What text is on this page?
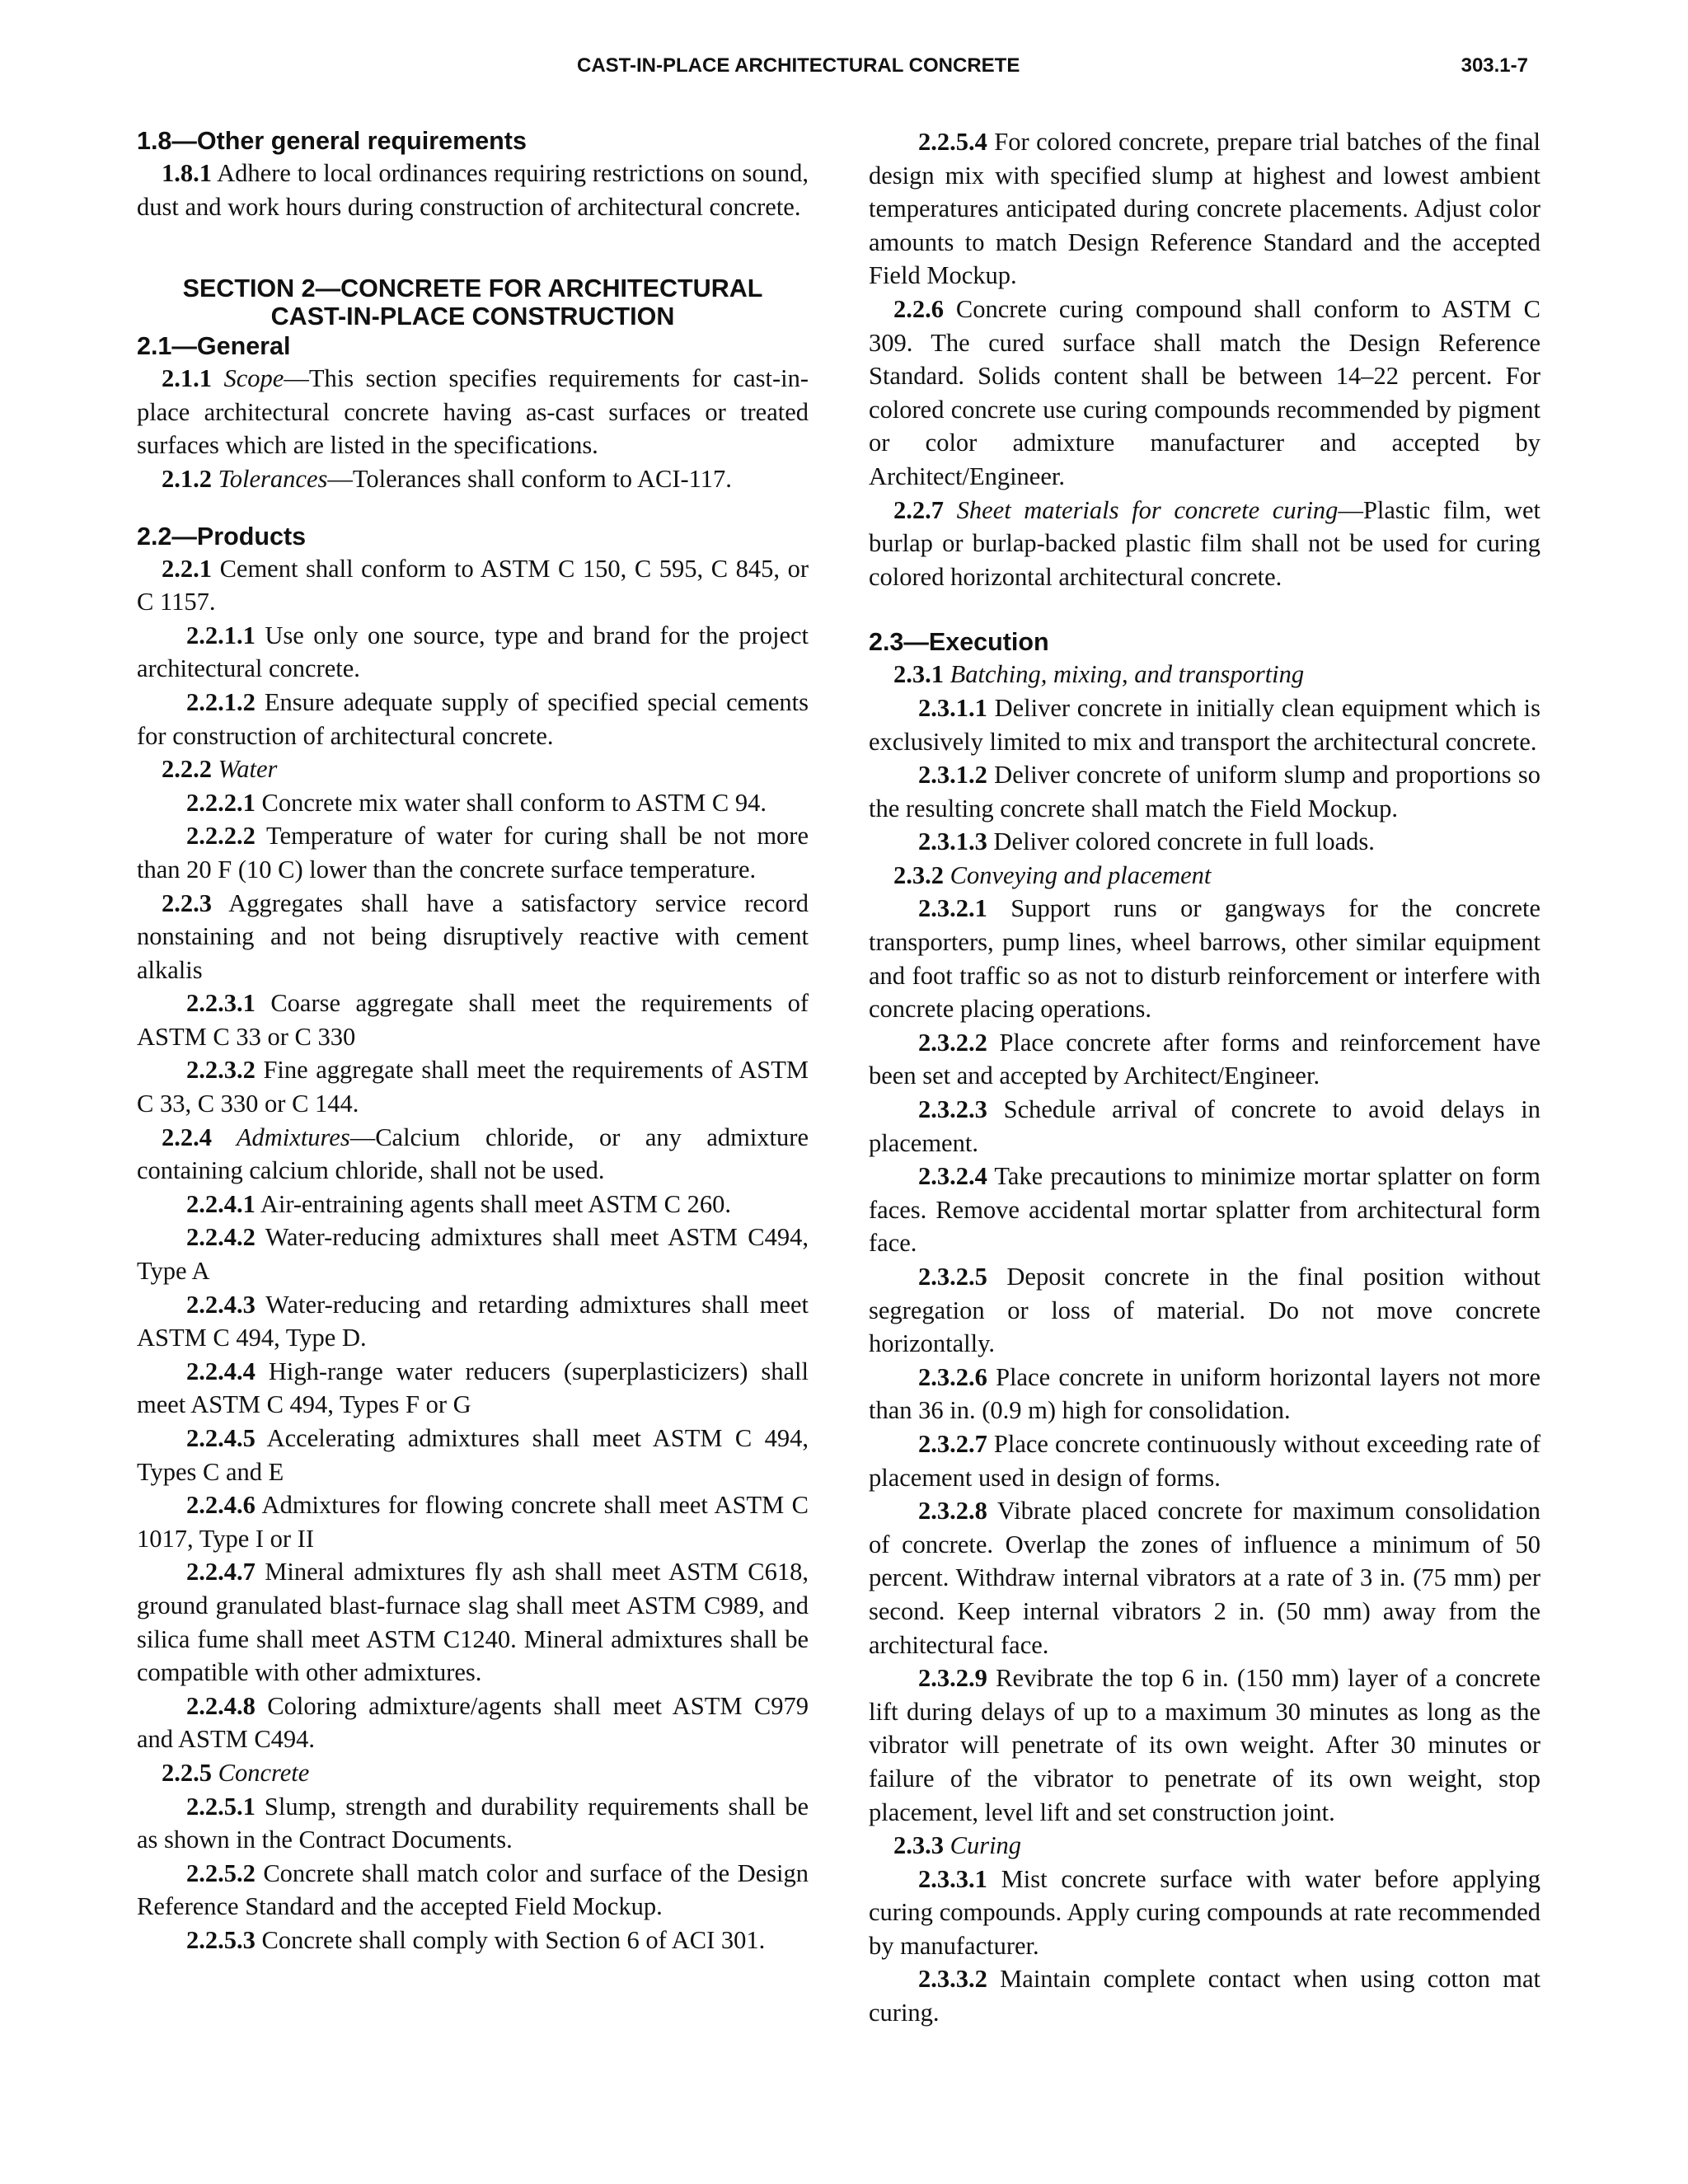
CAST-IN-PLACE ARCHITECTURAL CONCRETE	303.1-7
1.8—Other general requirements

1.8.1 Adhere to local ordinances requiring restrictions on sound, dust and work hours during construction of architectural concrete.

SECTION 2—CONCRETE FOR ARCHITECTURAL
CAST-IN-PLACE CONSTRUCTION
2.1—General

2.1.1 Scope—This section specifies requirements for cast-in-place architectural concrete having as-cast surfaces or treated surfaces which are listed in the specifications.

2.1.2 Tolerances—Tolerances shall conform to ACI-117.

2.2—Products

2.2.1 Cement shall conform to ASTM C 150, C 595, C 845, or C 1157.

2.2.1.1 Use only one source, type and brand for the project architectural concrete.

2.2.1.2 Ensure adequate supply of specified special cements for construction of architectural concrete.

2.2.2 Water

2.2.2.1 Concrete mix water shall conform to ASTM C 94.

2.2.2.2 Temperature of water for curing shall be not more than 20 F (10 C) lower than the concrete surface temperature.

2.2.3 Aggregates shall have a satisfactory service record nonstaining and not being disruptively reactive with cement alkalis

2.2.3.1 Coarse aggregate shall meet the requirements of ASTM C 33 or C 330

2.2.3.2 Fine aggregate shall meet the requirements of ASTM C 33, C 330 or C 144.

2.2.4 Admixtures—Calcium chloride, or any admixture containing calcium chloride, shall not be used.

2.2.4.1 Air-entraining agents shall meet ASTM C 260.

2.2.4.2 Water-reducing admixtures shall meet ASTM C494, Type A

2.2.4.3 Water-reducing and retarding admixtures shall meet ASTM C 494, Type D.

2.2.4.4 High-range water reducers (superplasticizers) shall meet ASTM C 494, Types F or G

2.2.4.5 Accelerating admixtures shall meet ASTM C 494, Types C and E

2.2.4.6 Admixtures for flowing concrete shall meet ASTM C 1017, Type I or II

2.2.4.7 Mineral admixtures fly ash shall meet ASTM C618, ground granulated blast-furnace slag shall meet ASTM C989, and silica fume shall meet ASTM C1240. Mineral admixtures shall be compatible with other admixtures.

2.2.4.8 Coloring admixture/agents shall meet ASTM C979 and ASTM C494.

2.2.5 Concrete

2.2.5.1 Slump, strength and durability requirements shall be as shown in the Contract Documents.

2.2.5.2 Concrete shall match color and surface of the Design Reference Standard and the accepted Field Mockup.

2.2.5.3 Concrete shall comply with Section 6 of ACI 301.

2.2.5.4 For colored concrete, prepare trial batches of the final design mix with specified slump at highest and lowest ambient temperatures anticipated during concrete placements. Adjust color amounts to match Design Reference Standard and the accepted Field Mockup.

2.2.6 Concrete curing compound shall conform to ASTM C 309. The cured surface shall match the Design Reference Standard. Solids content shall be between 14–22 percent. For colored concrete use curing compounds recommended by pigment or color admixture manufacturer and accepted by Architect/Engineer.

2.2.7 Sheet materials for concrete curing—Plastic film, wet burlap or burlap-backed plastic film shall not be used for curing colored horizontal architectural concrete.

2.3—Execution

2.3.1 Batching, mixing, and transporting

2.3.1.1 Deliver concrete in initially clean equipment which is exclusively limited to mix and transport the architectural concrete.

2.3.1.2 Deliver concrete of uniform slump and proportions so the resulting concrete shall match the Field Mockup.

2.3.1.3 Deliver colored concrete in full loads.

2.3.2 Conveying and placement

2.3.2.1 Support runs or gangways for the concrete transporters, pump lines, wheel barrows, other similar equipment and foot traffic so as not to disturb reinforcement or interfere with concrete placing operations.

2.3.2.2 Place concrete after forms and reinforcement have been set and accepted by Architect/Engineer.

2.3.2.3 Schedule arrival of concrete to avoid delays in placement.

2.3.2.4 Take precautions to minimize mortar splatter on form faces. Remove accidental mortar splatter from architectural form face.

2.3.2.5 Deposit concrete in the final position without segregation or loss of material. Do not move concrete horizontally.

2.3.2.6 Place concrete in uniform horizontal layers not more than 36 in. (0.9 m) high for consolidation.

2.3.2.7 Place concrete continuously without exceeding rate of placement used in design of forms.

2.3.2.8 Vibrate placed concrete for maximum consolidation of concrete. Overlap the zones of influence a minimum of 50 percent. Withdraw internal vibrators at a rate of 3 in. (75 mm) per second. Keep internal vibrators 2 in. (50 mm) away from the architectural face.

2.3.2.9 Revibrate the top 6 in. (150 mm) layer of a concrete lift during delays of up to a maximum 30 minutes as long as the vibrator will penetrate of its own weight. After 30 minutes or failure of the vibrator to penetrate of its own weight, stop placement, level lift and set construction joint.

2.3.3 Curing

2.3.3.1 Mist concrete surface with water before applying curing compounds. Apply curing compounds at rate recommended by manufacturer.

2.3.3.2 Maintain complete contact when using cotton mat curing.
